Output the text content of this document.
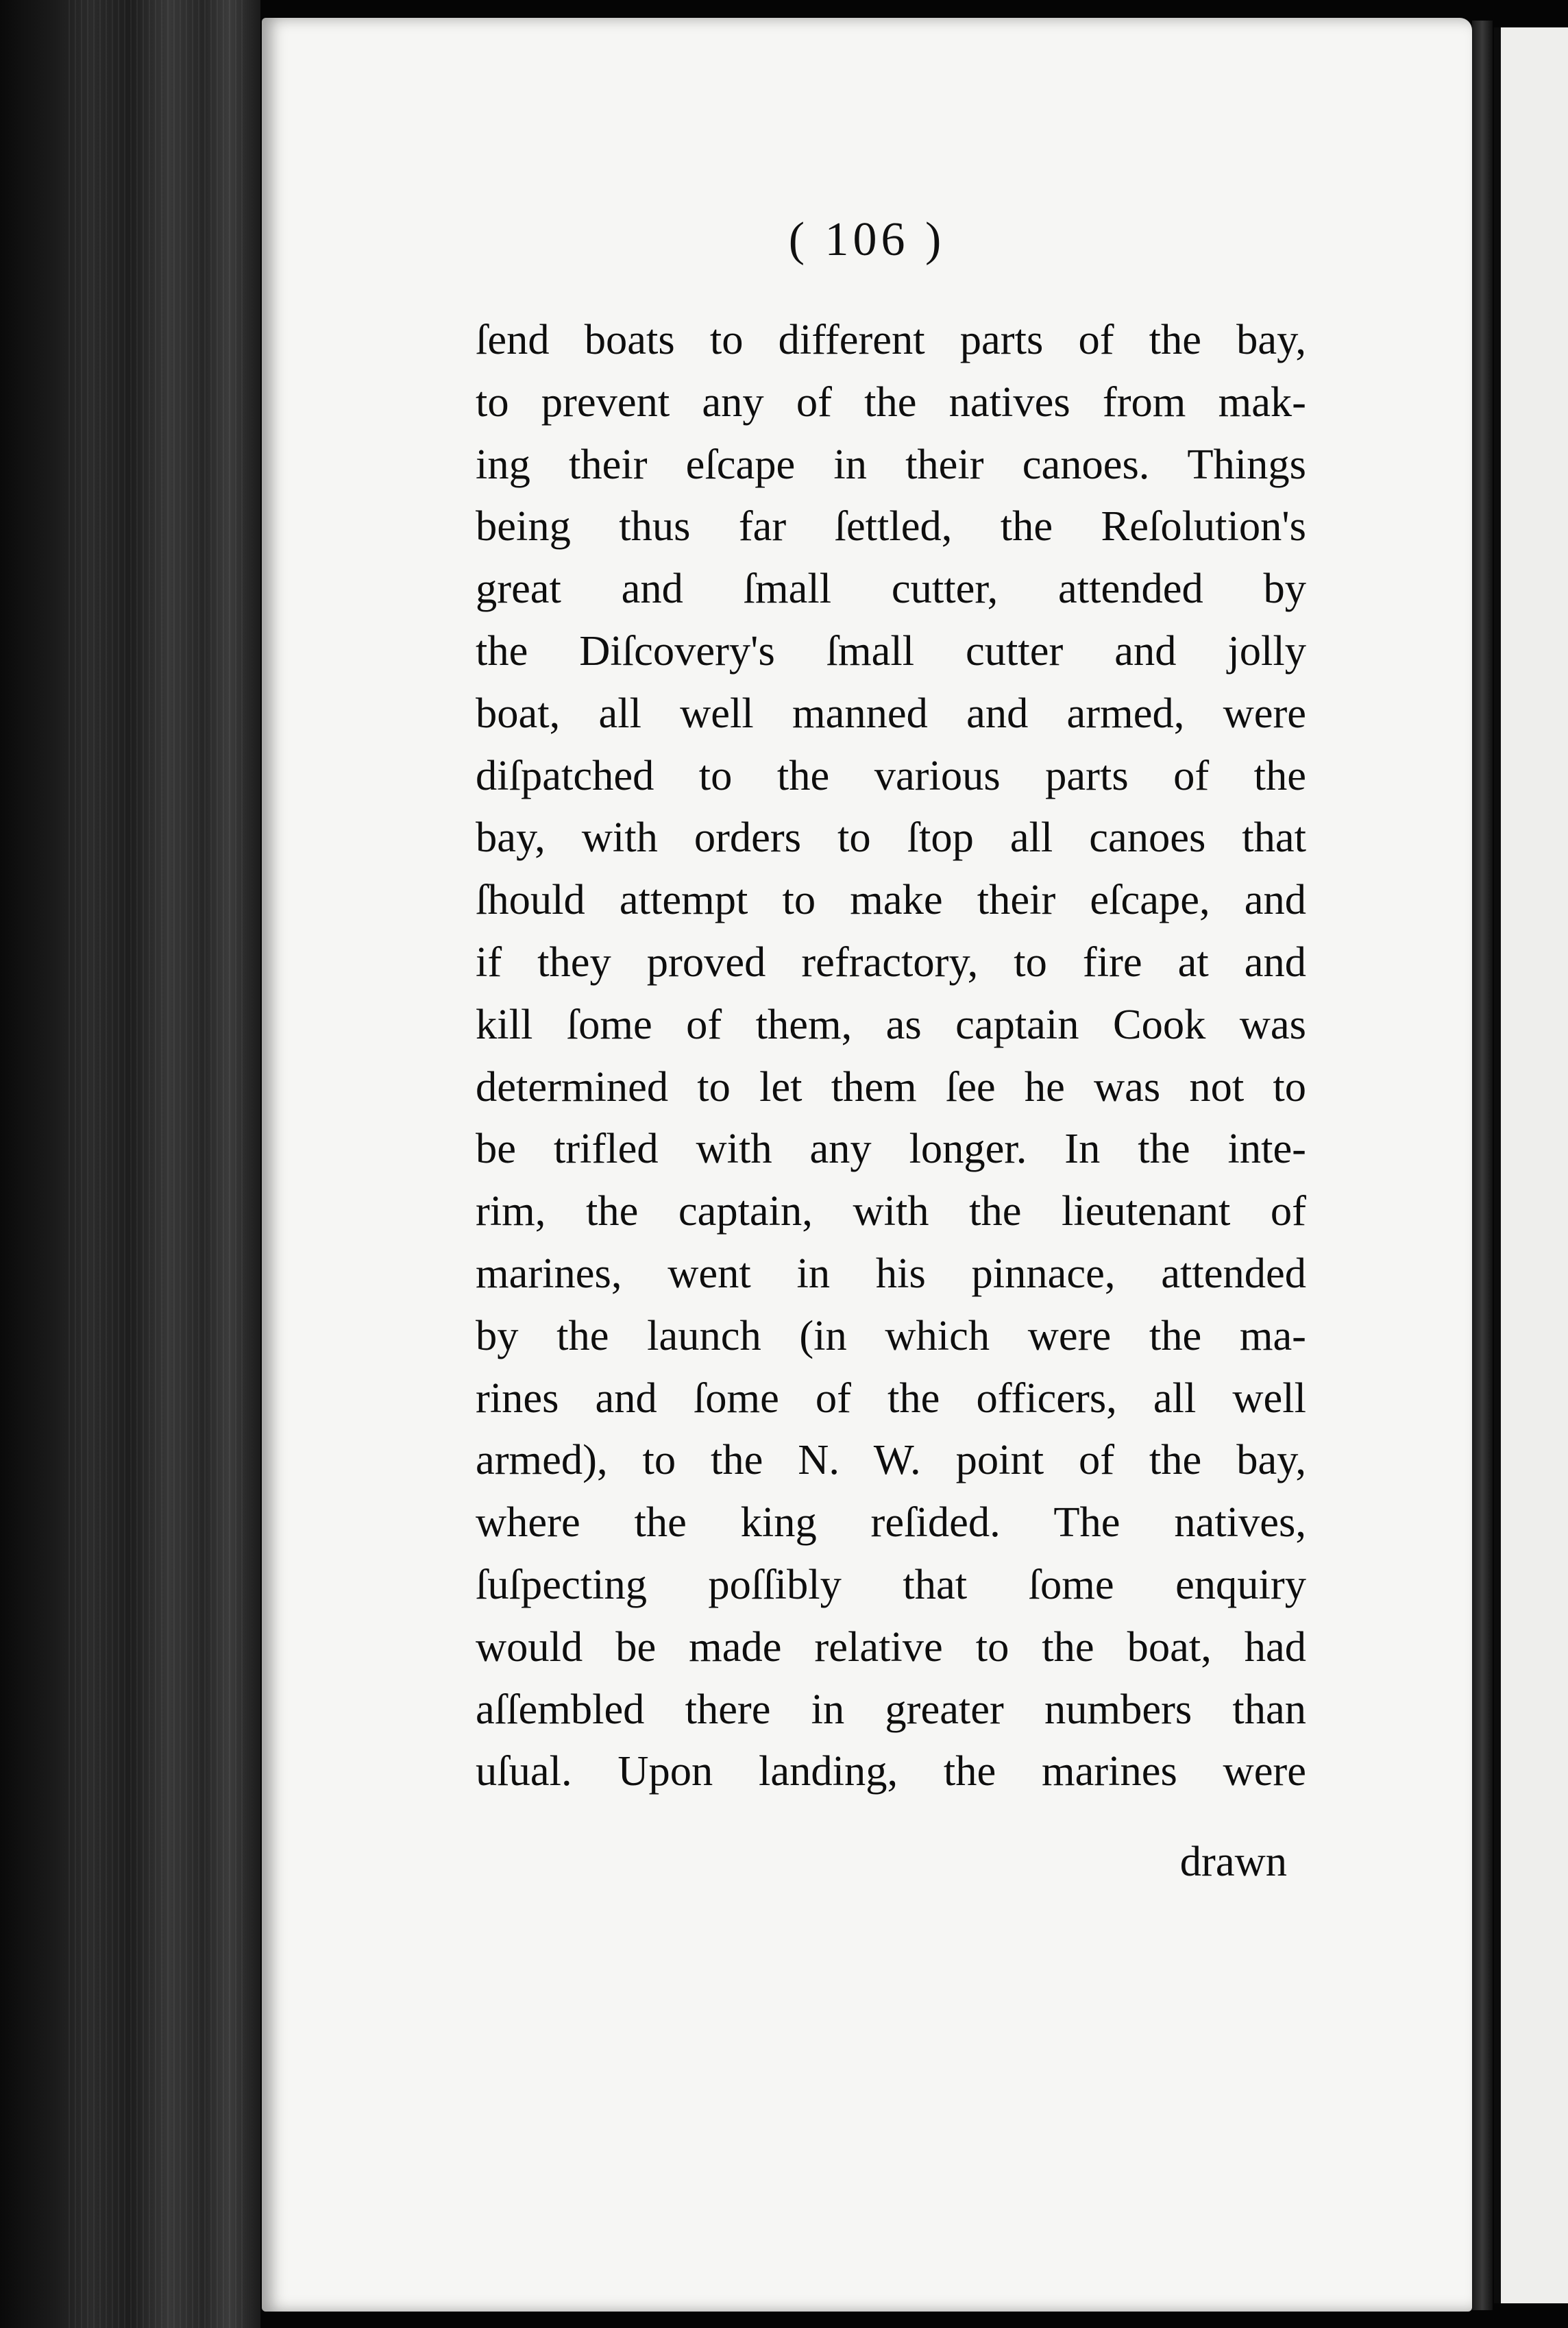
( 106 )
ſend boats to different parts of the bay,
to prevent any of the natives from mak-
ing their eſcape in their canoes. Things
being thus far ſettled, the Reſolution's
great and ſmall cutter, attended by
the Diſcovery's ſmall cutter and jolly
boat, all well manned and armed, were
diſpatched to the various parts of the
bay, with orders to ſtop all canoes that
ſhould attempt to make their eſcape, and
if they proved refractory, to fire at and
kill ſome of them, as captain Cook was
determined to let them ſee he was not to
be trifled with any longer. In the inte-
rim, the captain, with the lieutenant of
marines, went in his pinnace, attended
by the launch (in which were the ma-
rines and ſome of the officers, all well
armed), to the N. W. point of the bay,
where the king reſided. The natives,
ſuſpecting poſſibly that ſome enquiry
would be made relative to the boat, had
aſſembled there in greater numbers than
uſual. Upon landing, the marines were
drawn
